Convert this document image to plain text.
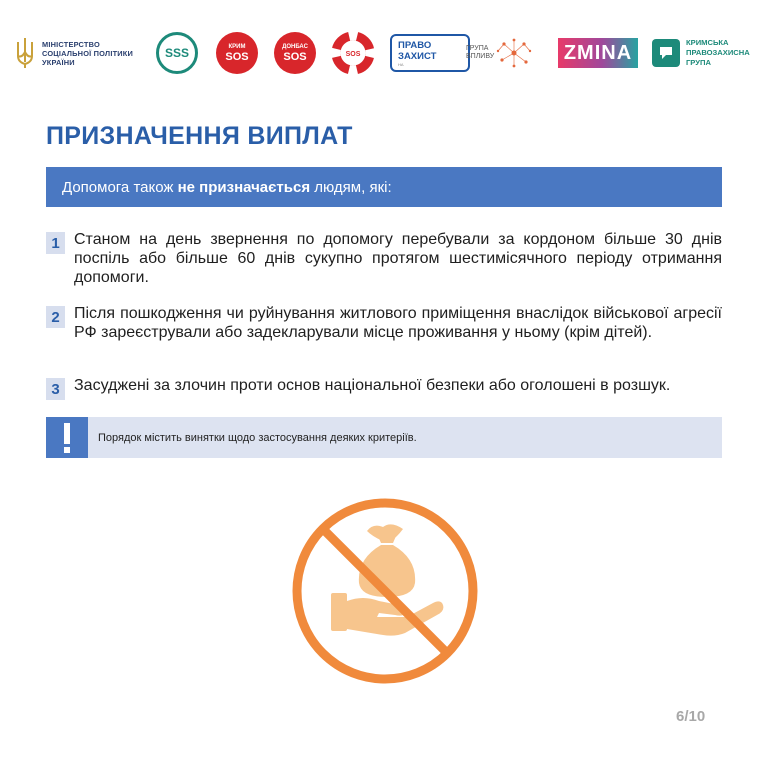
МІНІСТЕРСТВО
СОЦІАЛЬНОЇ ПОЛІТИКИ
УКРАЇНИ
SSS	КРИМ
SOS
ДОНБАС
SOS	SOS
ПРАВО
ЗАХИСТ
НА
ГРУПА
ВПЛИВУ	ZMINA	КРИМСЬКА
ПРАВОЗАХИСНА
ГРУПА
ПРИЗНАЧЕННЯ ВИПЛАТ
Допомога також не призначається людям, які:
1 Станом на день звернення по допомогу перебували за кордоном більше 30 днів поспіль або більше 60 днів сукупно протягом шестимісячного періоду отримання допомоги.
2 Після пошкодження чи руйнування житлового приміщення внаслідок військової агресії РФ зареєстрували або задекларували місце проживання у ньому (крім дітей).
3 Засуджені за злочин проти основ національної безпеки або оголошені в розшук.
Порядок містить винятки щодо застосування деяких критеріїв.
6/10
